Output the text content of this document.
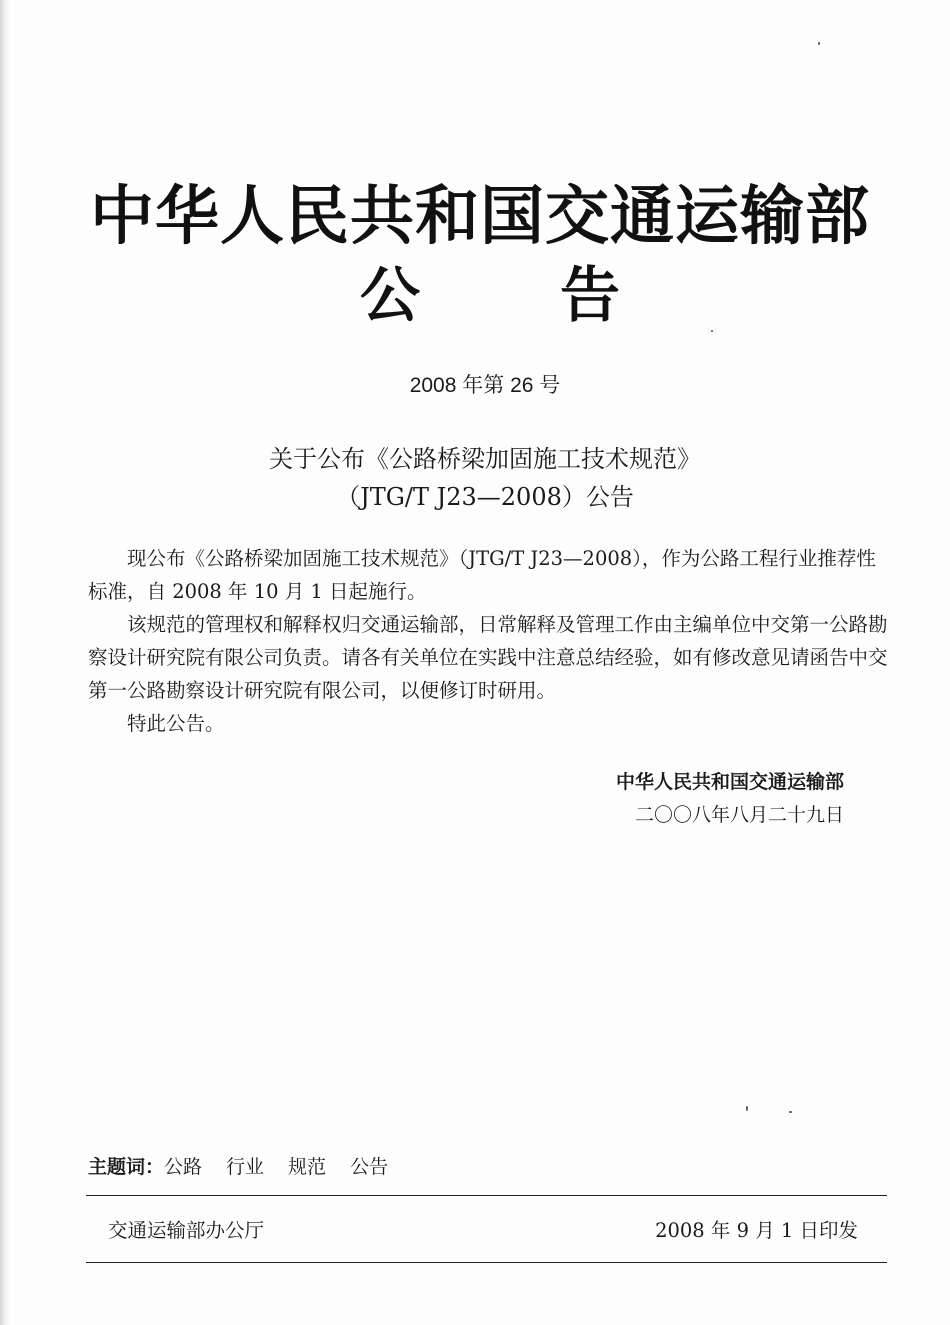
中华人民共和国交通运输部
公 告
2008 年第 26 号
关于公布《公路桥梁加固施工技术规范》
（JTG/T J23—2008）公告

现公布《公路桥梁加固施工技术规范》（JTG/T J23—2008），作为公路工程行业推荐性标准，自 2008 年 10 月 1 日起施行。

该规范的管理权和解释权归交通运输部，日常解释及管理工作由主编单位中交第一公路勘察设计研究院有限公司负责。请各有关单位在实践中注意总结经验，如有修改意见请函告中交第一公路勘察设计研究院有限公司，以便修订时研用。

特此公告。

中华人民共和国交通运输部
二〇〇八年八月二十九日
主题词：公路 行业 规范 公告
交通运输部办公厅	2008 年 9 月 1 日印发
